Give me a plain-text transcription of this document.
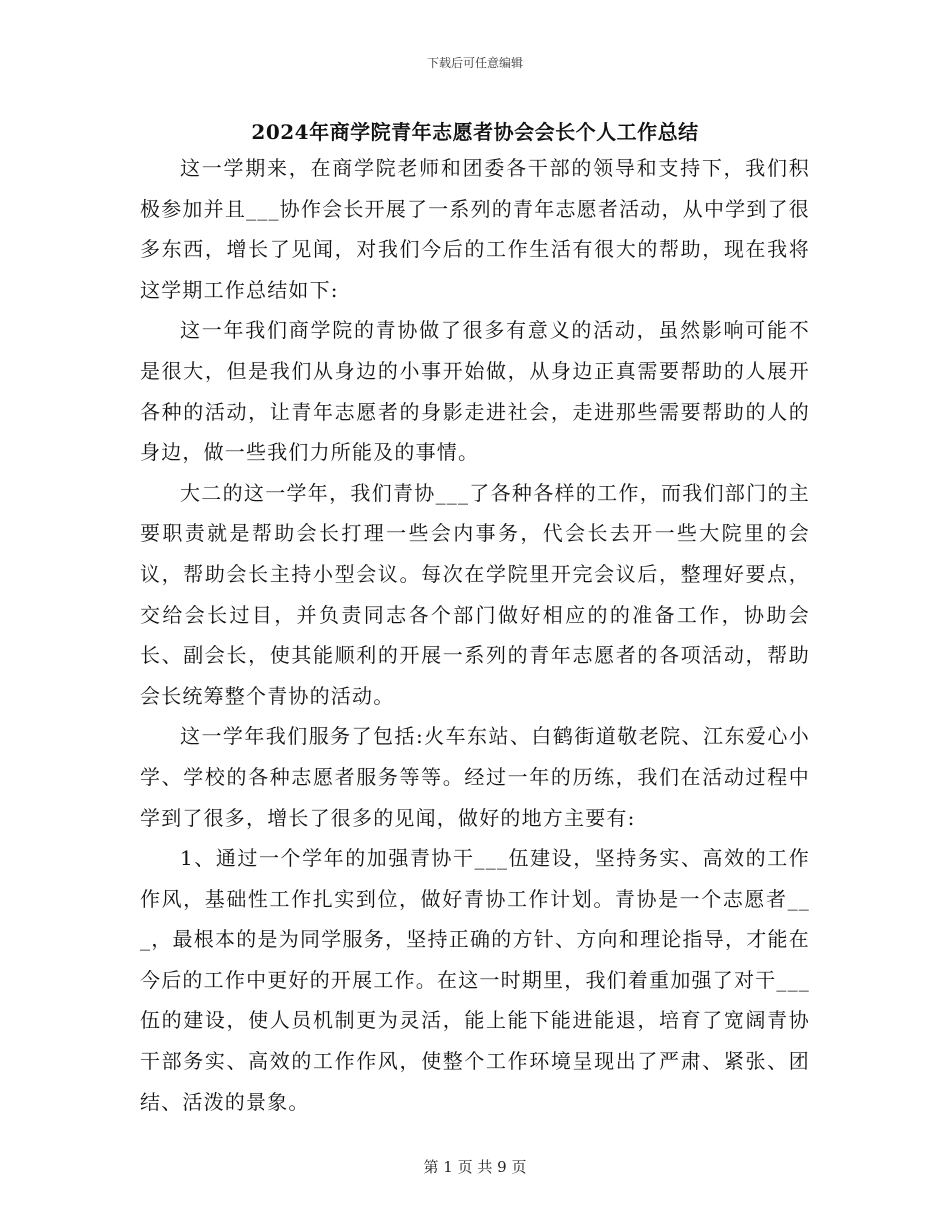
下载后可任意编辑
2024年商学院青年志愿者协会会长个人工作总结

这一学期来，在商学院老师和团委各干部的领导和支持下，我们积极参加并且___协作会长开展了一系列的青年志愿者活动，从中学到了很多东西，增长了见闻，对我们今后的工作生活有很大的帮助，现在我将这学期工作总结如下:

这一年我们商学院的青协做了很多有意义的活动，虽然影响可能不是很大，但是我们从身边的小事开始做，从身边正真需要帮助的人展开各种的活动，让青年志愿者的身影走进社会，走进那些需要帮助的人的身边，做一些我们力所能及的事情。

大二的这一学年，我们青协___了各种各样的工作，而我们部门的主要职责就是帮助会长打理一些会内事务，代会长去开一些大院里的会议，帮助会长主持小型会议。每次在学院里开完会议后，整理好要点，交给会长过目，并负责同志各个部门做好相应的的准备工作，协助会长、副会长，使其能顺利的开展一系列的青年志愿者的各项活动，帮助会长统筹整个青协的活动。

这一学年我们服务了包括:火车东站、白鹤街道敬老院、江东爱心小学、学校的各种志愿者服务等等。经过一年的历练，我们在活动过程中学到了很多，增长了很多的见闻，做好的地方主要有:

1、通过一个学年的加强青协干___伍建设，坚持务实、高效的工作作风，基础性工作扎实到位，做好青协工作计划。青协是一个志愿者___，最根本的是为同学服务，坚持正确的方针、方向和理论指导，才能在今后的工作中更好的开展工作。在这一时期里，我们着重加强了对干___伍的建设，使人员机制更为灵活，能上能下能进能退，培育了宽阔青协干部务实、高效的工作作风，使整个工作环境呈现出了严肃、紧张、团结、活泼的景象。

第 1 页 共 9 页
